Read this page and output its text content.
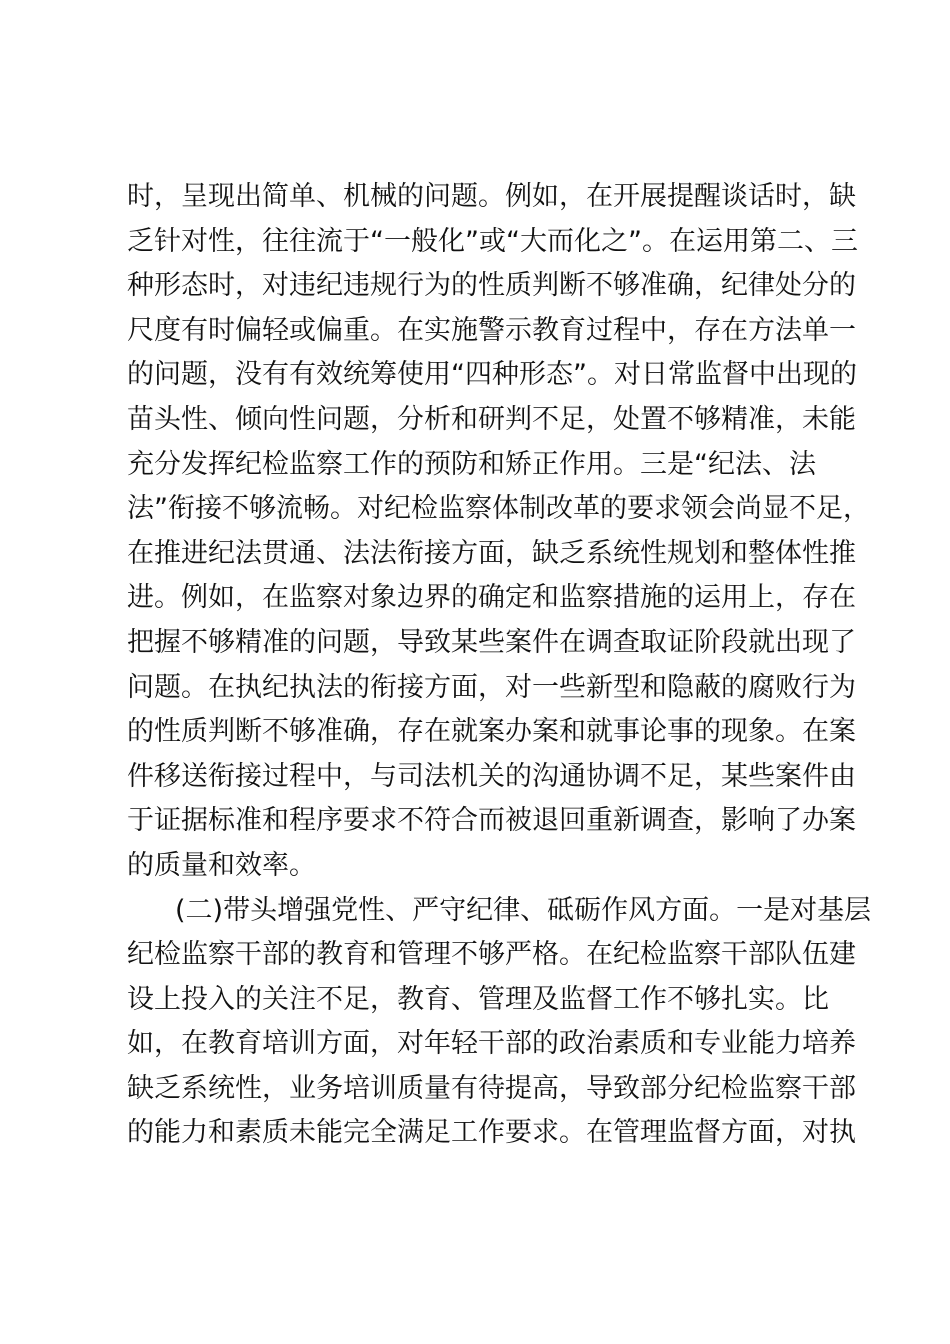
时，呈现出简单、机械的问题。例如，在开展提醒谈话时，缺
乏针对性，往往流于“一般化”或“大而化之”。在运用第二、三
种形态时，对违纪违规行为的性质判断不够准确，纪律处分的
尺度有时偏轻或偏重。在实施警示教育过程中，存在方法单一
的问题，没有有效统筹使用“四种形态”。对日常监督中出现的
苗头性、倾向性问题，分析和研判不足，处置不够精准，未能
充分发挥纪检监察工作的预防和矫正作用。三是“纪法、法
法”衔接不够流畅。对纪检监察体制改革的要求领会尚显不足，
在推进纪法贯通、法法衔接方面，缺乏系统性规划和整体性推
进。例如，在监察对象边界的确定和监察措施的运用上，存在
把握不够精准的问题，导致某些案件在调查取证阶段就出现了
问题。在执纪执法的衔接方面，对一些新型和隐蔽的腐败行为
的性质判断不够准确，存在就案办案和就事论事的现象。在案
件移送衔接过程中，与司法机关的沟通协调不足，某些案件由
于证据标准和程序要求不符合而被退回重新调查，影响了办案
的质量和效率。
(二)带头增强党性、严守纪律、砥砺作风方面。一是对基层
纪检监察干部的教育和管理不够严格。在纪检监察干部队伍建
设上投入的关注不足，教育、管理及监督工作不够扎实。比
如，在教育培训方面，对年轻干部的政治素质和专业能力培养
缺乏系统性，业务培训质量有待提高，导致部分纪检监察干部
的能力和素质未能完全满足工作要求。在管理监督方面，对执
